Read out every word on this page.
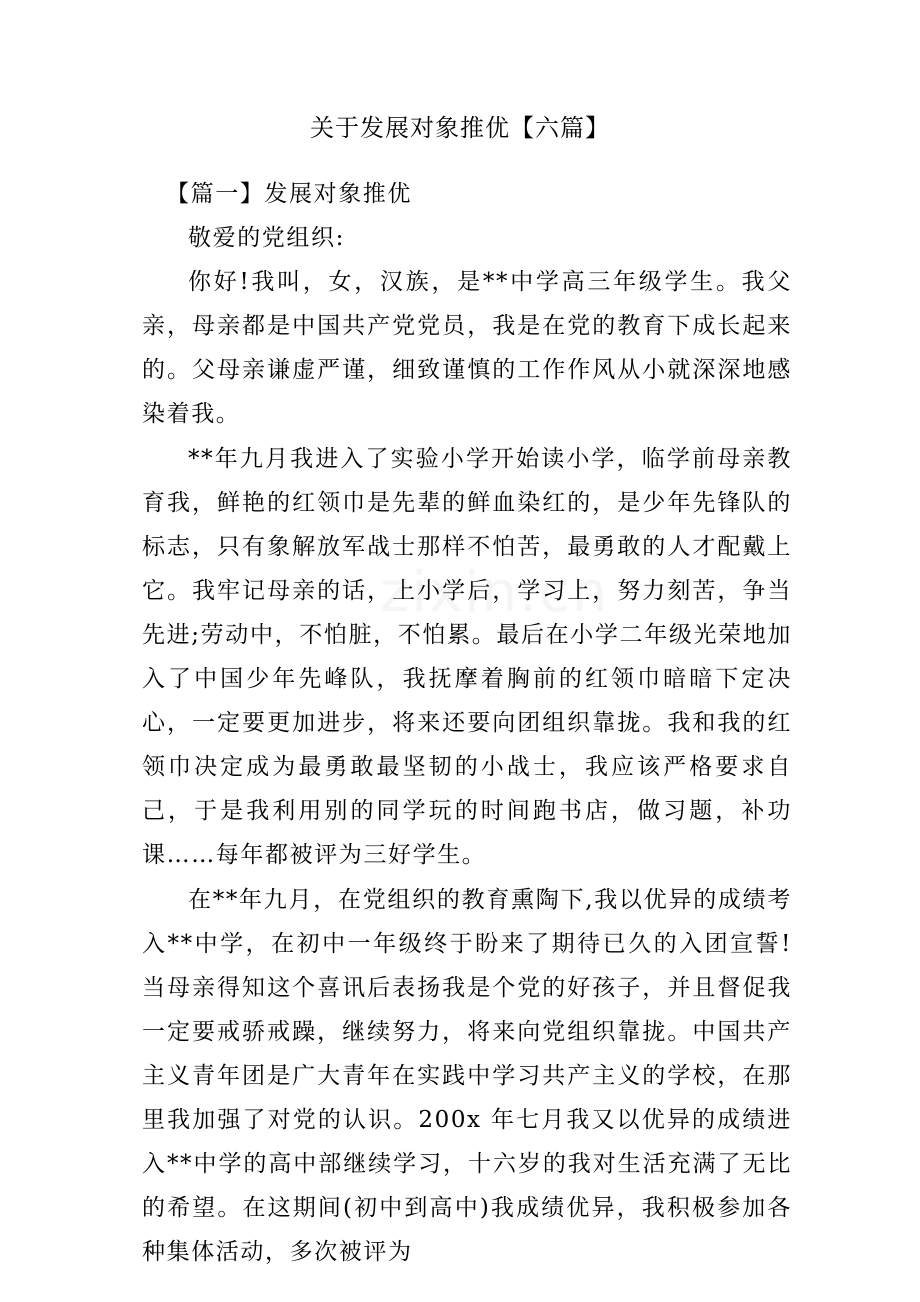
关于发展对象推优【六篇】

【篇一】发展对象推优

敬爱的党组织:

你好!我叫，女，汉族，是**中学高三年级学生。我父亲，母亲都是中国共产党党员，我是在党的教育下成长起来的。父母亲谦虚严谨，细致谨慎的工作作风从小就深深地感染着我。

**年九月我进入了实验小学开始读小学，临学前母亲教育我，鲜艳的红领巾是先辈的鲜血染红的，是少年先锋队的标志，只有象解放军战士那样不怕苦，最勇敢的人才配戴上它。我牢记母亲的话，上小学后，学习上，努力刻苦，争当先进;劳动中，不怕脏，不怕累。最后在小学二年级光荣地加入了中国少年先峰队，我抚摩着胸前的红领巾暗暗下定决心，一定要更加进步，将来还要向团组织靠拢。我和我的红领巾决定成为最勇敢最坚韧的小战士，我应该严格要求自己，于是我利用别的同学玩的时间跑书店，做习题，补功课……每年都被评为三好学生。

在**年九月，在党组织的教育熏陶下,我以优异的成绩考入**中学，在初中一年级终于盼来了期待已久的入团宣誓!当母亲得知这个喜讯后表扬我是个党的好孩子，并且督促我一定要戒骄戒躁，继续努力，将来向党组织靠拢。中国共产主义青年团是广大青年在实践中学习共产主义的学校，在那里我加强了对党的认识。200x 年七月我又以优异的成绩进入**中学的高中部继续学习，十六岁的我对生活充满了无比的希望。在这期间(初中到高中)我成绩优异，我积极参加各种集体活动，多次被评为
